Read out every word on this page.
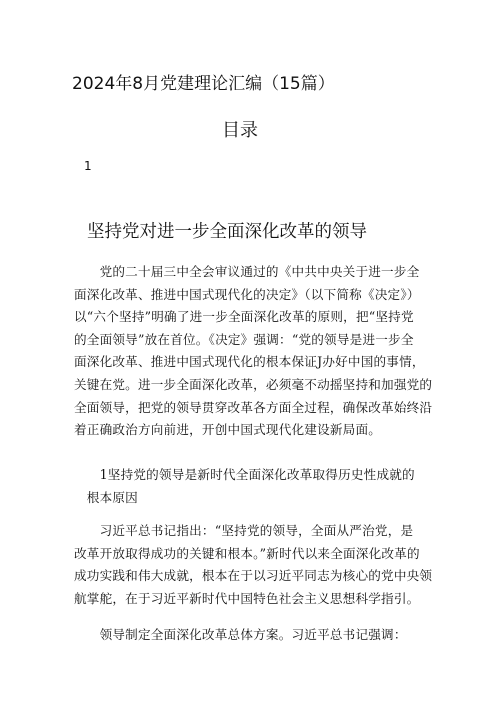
2024年8月党建理论汇编（15篇）
目录
1
坚持党对进一步全面深化改革的领导
　　党的二十届三中全会审议通过的《中共中央关于进一步全
面深化改革、推进中国式现代化的决定》（以下简称《决定》）
以“六个坚持”明确了进一步全面深化改革的原则，把“坚持党
的全面领导”放在首位。《决定》强调：“党的领导是进一步全
面深化改革、推进中国式现代化的根本保证J办好中国的事情，
关键在党。进一步全面深化改革，必须毫不动摇坚持和加强党的
全面领导，把党的领导贯穿改革各方面全过程，确保改革始终沿
着正确政治方向前进，开创中国式现代化建设新局面。
　　1坚持党的领导是新时代全面深化改革取得历史性成就的
　根本原因
　　习近平总书记指出：“坚持党的领导，全面从严治党，是
改革开放取得成功的关键和根本。”新时代以来全面深化改革的
成功实践和伟大成就，根本在于以习近平同志为核心的党中央领
航掌舵，在于习近平新时代中国特色社会主义思想科学指引。
　　领导制定全面深化改革总体方案。习近平总书记强调：
